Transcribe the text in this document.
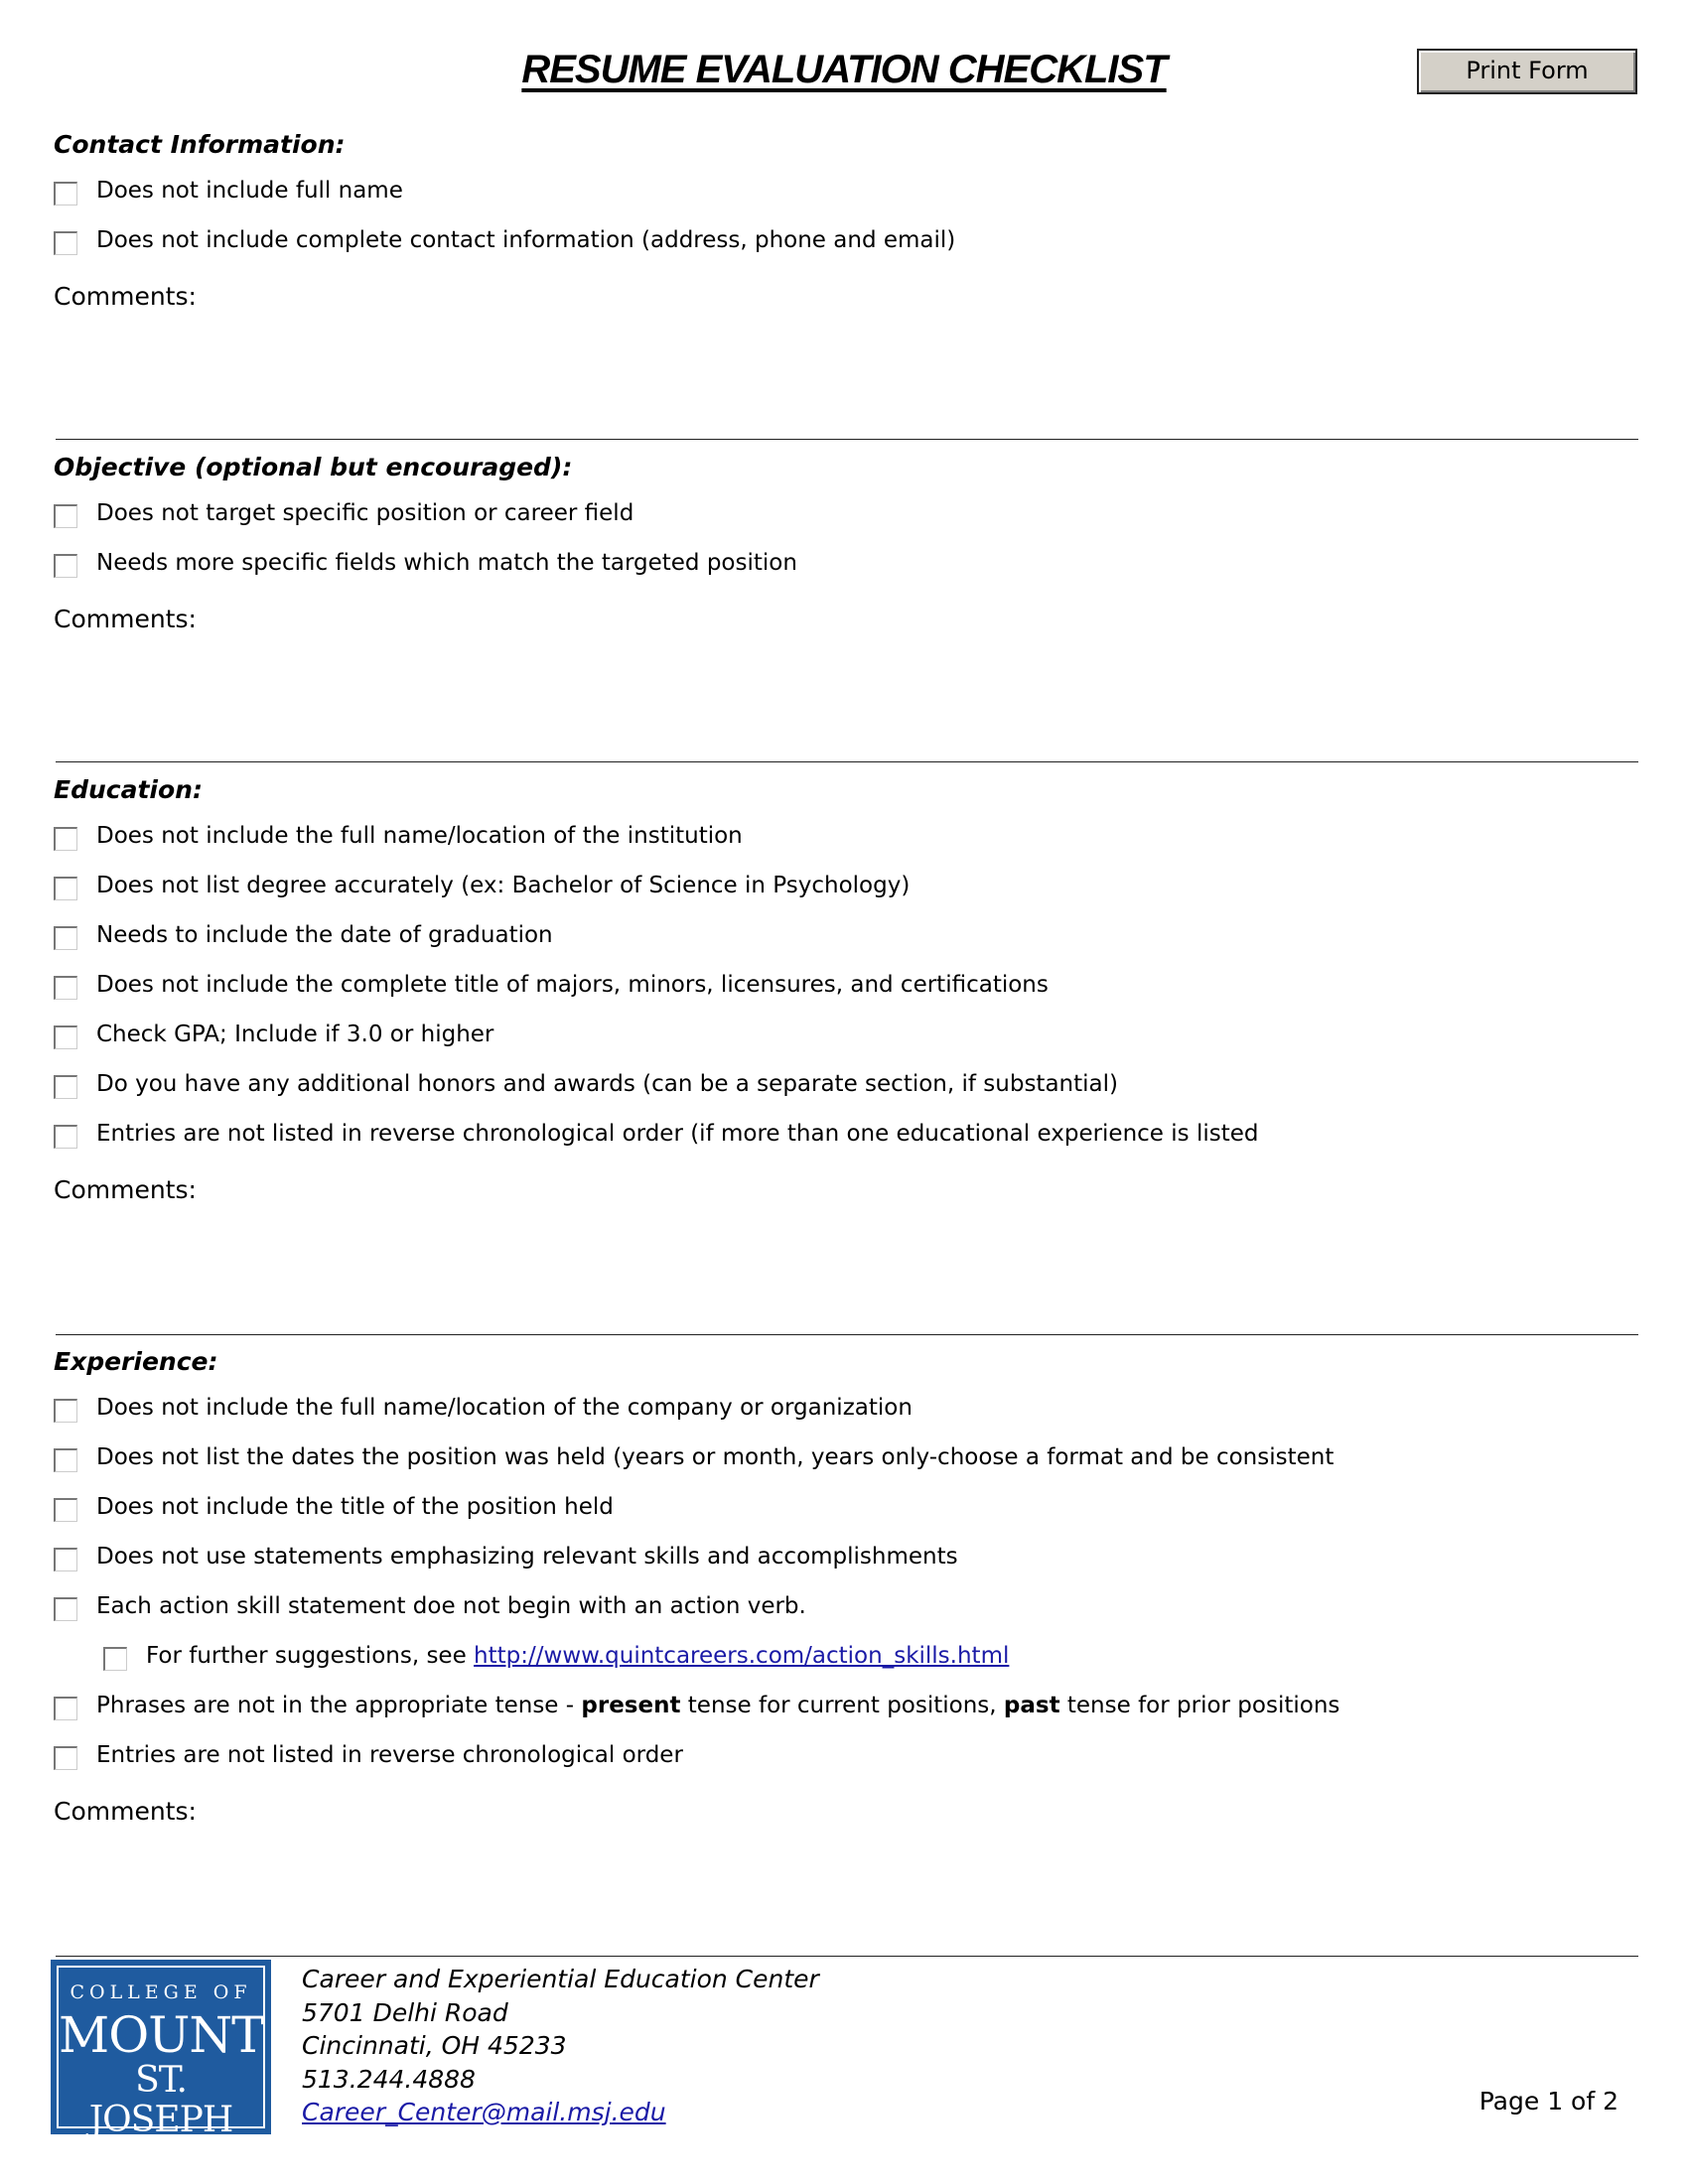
RESUME EVALUATION CHECKLIST	Print Form
Contact Information:
Does not include full name
Does not include complete contact information (address, phone and email)
Comments:
Objective (optional but encouraged):
Does not target specific position or career field
Needs more specific fields which match the targeted position
Comments:
Education:
Does not include the full name/location of the institution
Does not list degree accurately (ex: Bachelor of Science in Psychology)
Needs to include the date of graduation
Does not include the complete title of majors, minors, licensures, and certifications
Check GPA; Include if 3.0 or higher
Do you have any additional honors and awards (can be a separate section, if substantial)
Entries are not listed in reverse chronological order (if more than one educational experience is listed
Comments:
Experience:
Does not include the full name/location of the company or organization
Does not list the dates the position was held (years or month, years only-choose a format and be consistent
Does not include the title of the position held
Does not use statements emphasizing relevant skills and accomplishments
Each action skill statement doe not begin with an action verb.
For further suggestions, see http://www.quintcareers.com/action_skills.html
Phrases are not in the appropriate tense - present tense for current positions, past tense for prior positions
Entries are not listed in reverse chronological order
Comments:
COLLEGE OF
MOUNT
ST. JOSEPH
Career and Experiential Education Center
5701 Delhi Road
Cincinnati, OH 45233
513.244.4888
Career_Center@mail.msj.edu	Page 1 of 2
